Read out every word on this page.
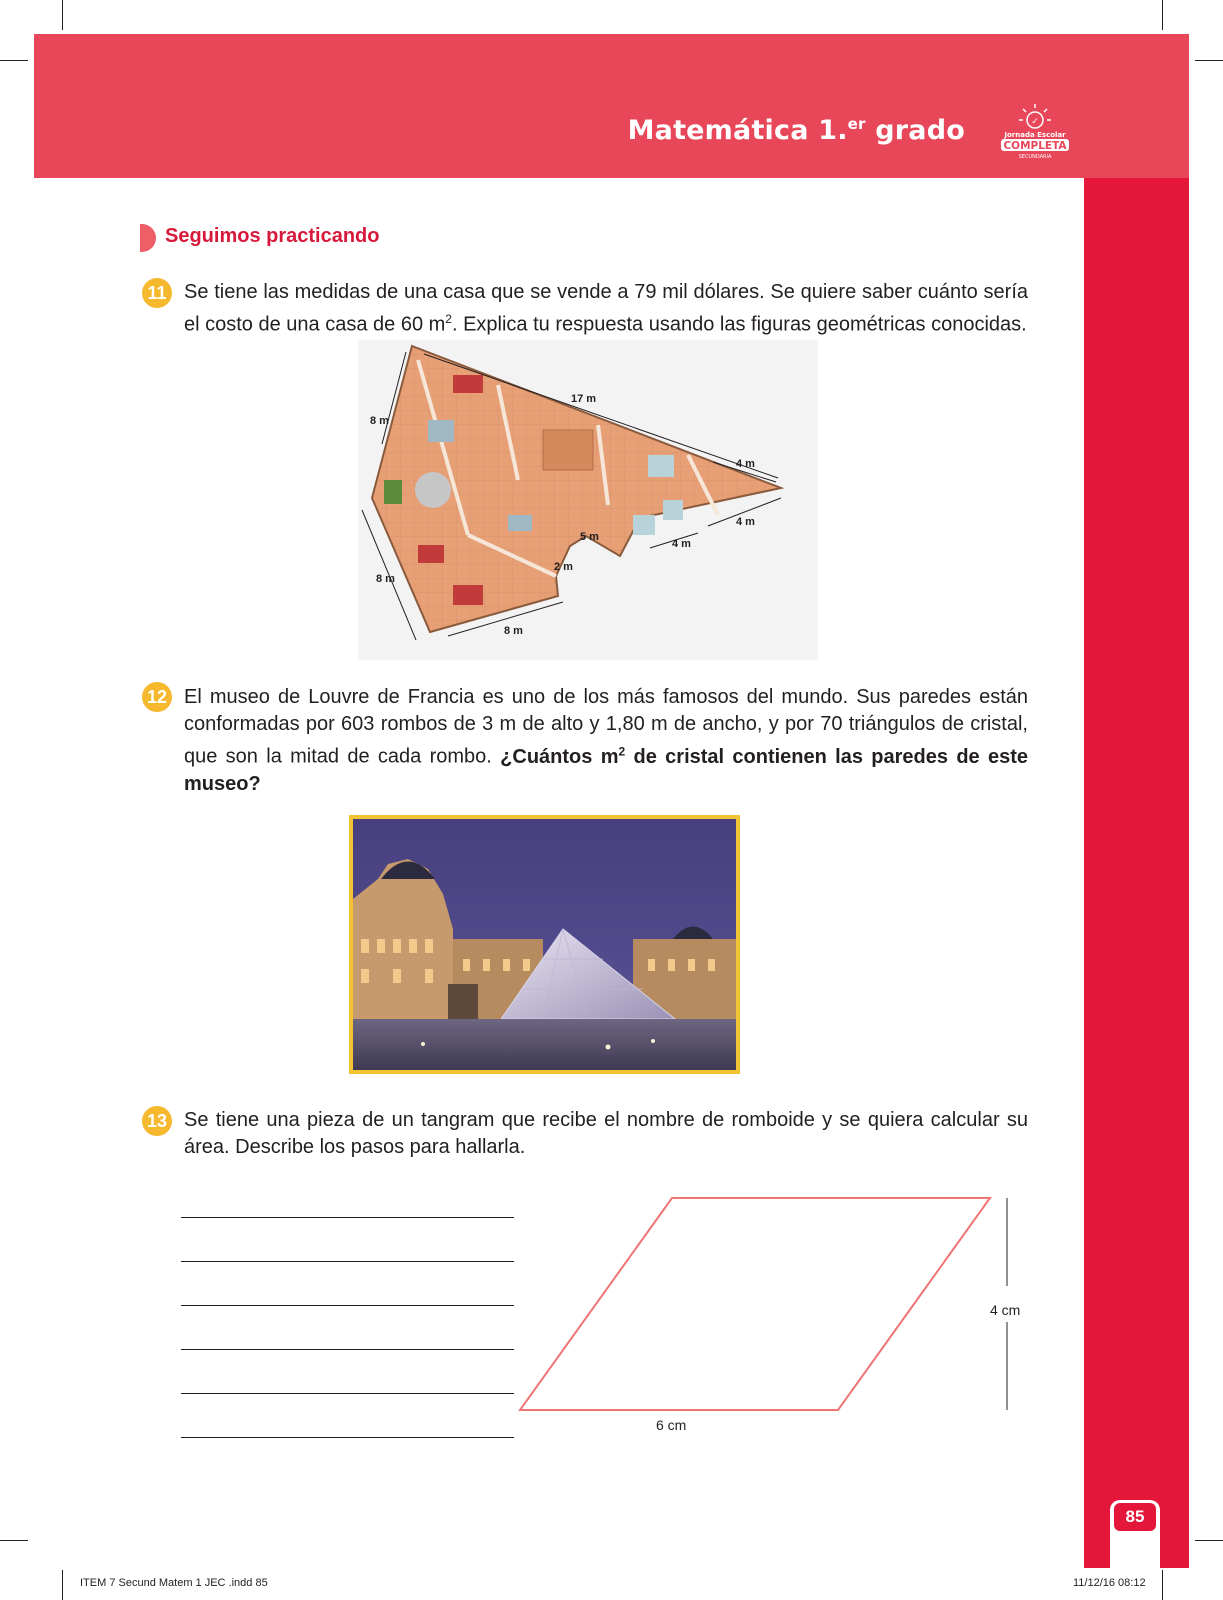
Matemática 1.$^{er}$ grado	✓
Jornada Escolar
COMPLETA
SECUNDARIA
Seguimos practicando
11 Se tiene las medidas de una casa que se vende a 79 mil dólares. Se quiere saber cuánto sería el costo de una casa de 60 $m^2$. Explica tu respuesta usando las figuras geométricas conocidas.
8 m
17 m
4 m
4 m
5 m
4 m
2 m
8 m
8 m
12 El museo de Louvre de Francia es uno de los más famosos del mundo. Sus paredes están conformadas por 603 rombos de 3 m de alto y 1,80 m de ancho, y por 70 triángulos de cristal, que son la mitad de cada rombo. ¿Cuántos $m^2$ de cristal contienen las paredes de este museo?
13 Se tiene una pieza de un tangram que recibe el nombre de romboide y se quiera calcular su área. Describe los pasos para hallarla.
4 cm
6 cm
85
ITEM 7 Secund Matem 1 JEC .indd 85	11/12/16 08:12
